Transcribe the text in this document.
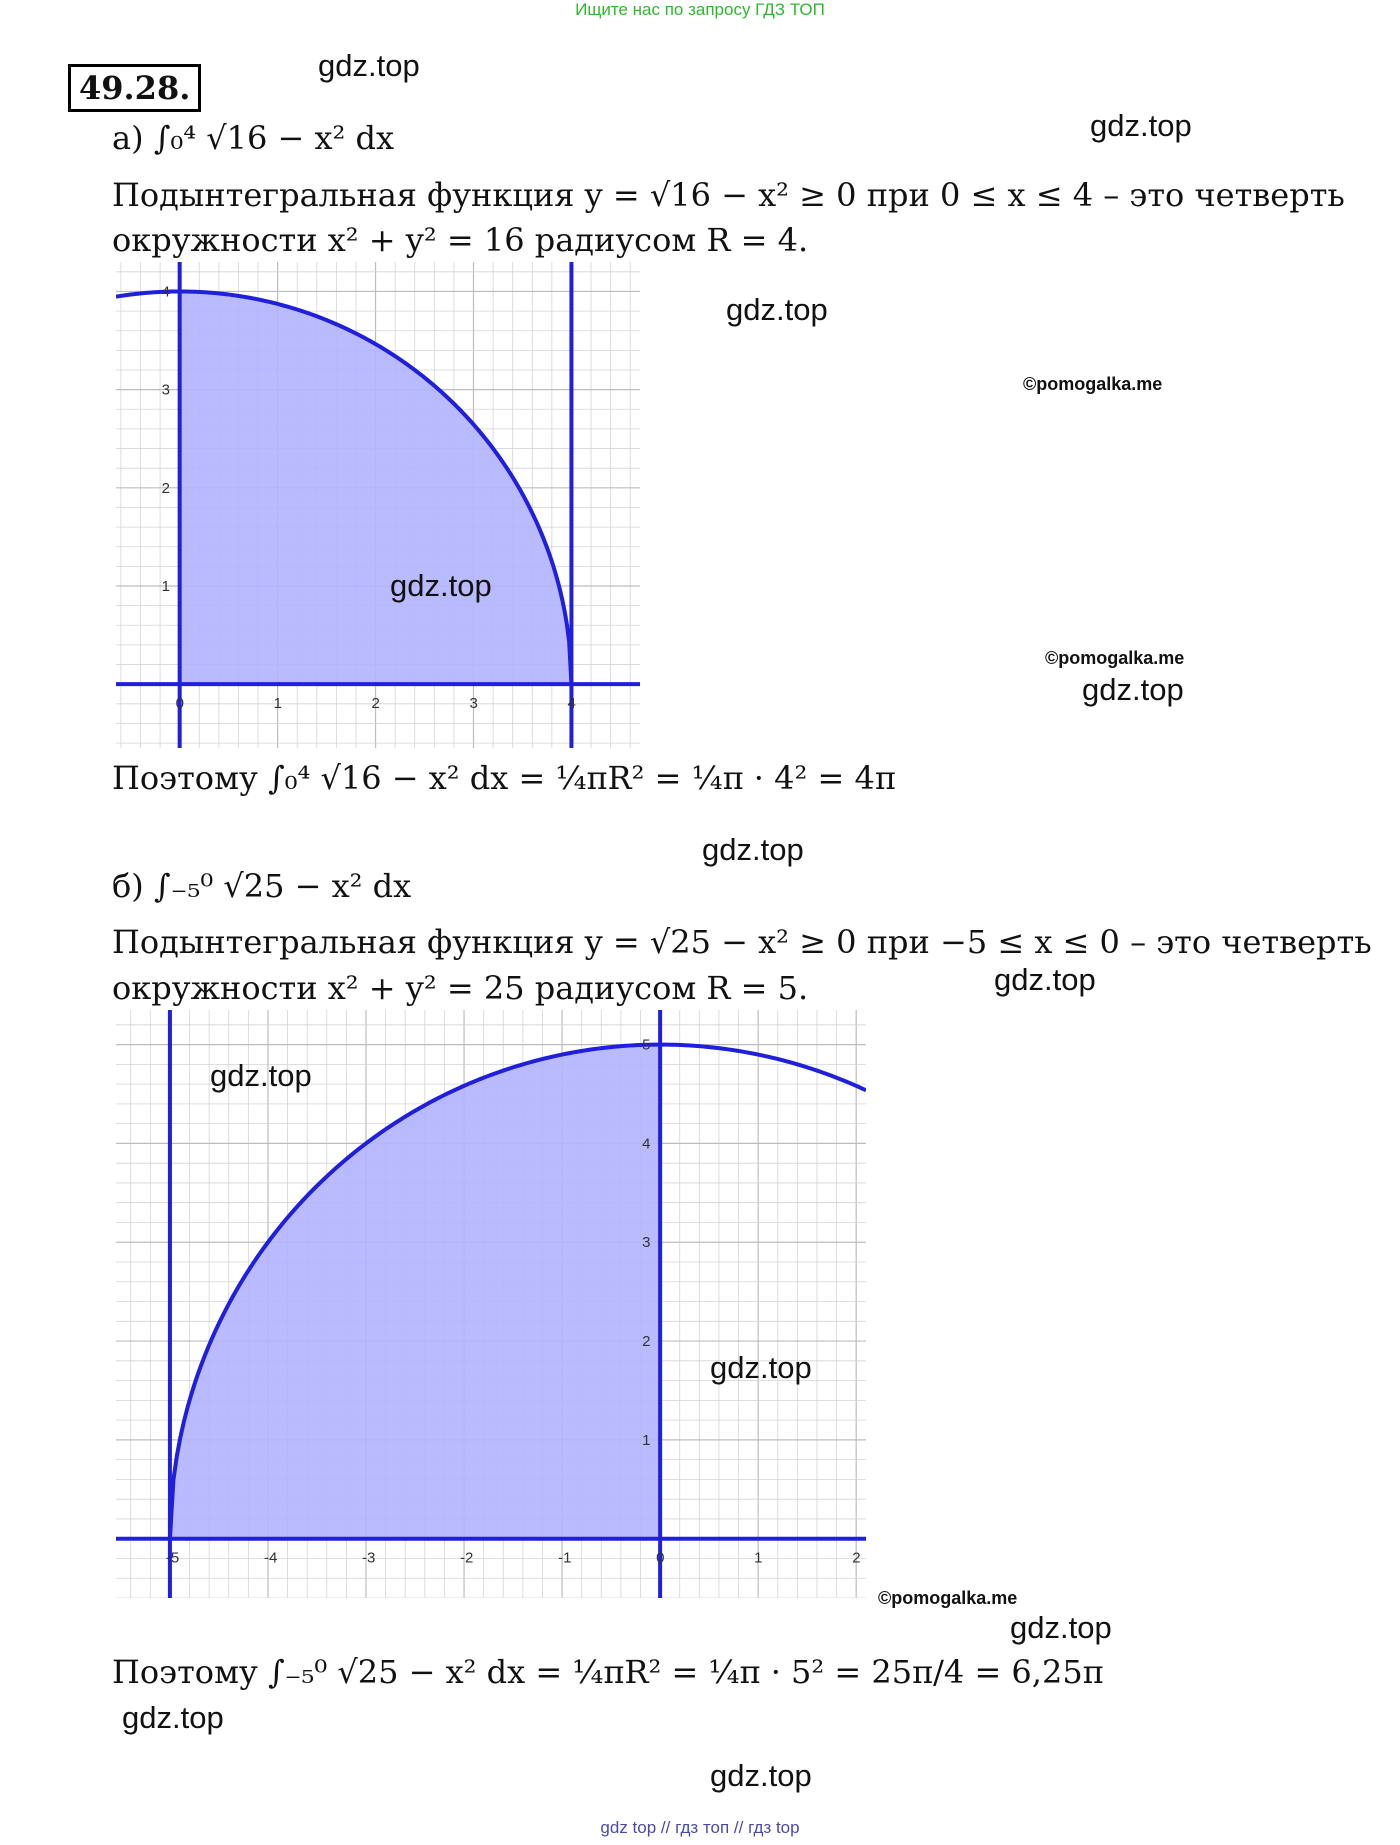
Ищите нас по запросу ГДЗ ТОП
49.28.
а) ∫₀⁴ √16 − x² dx
Подынтегральная функция y = √16 − x² ≥ 0 при 0 ≤ x ≤ 4 – это четверть
окружности x² + y² = 16 радиусом R = 4.
0	1	2	3	4
1
2
3
4
Поэтому ∫₀⁴ √16 − x² dx = ¼πR² = ¼π · 4² = 4π
б) ∫₋₅⁰ √25 − x² dx
Подынтегральная функция y = √25 − x² ≥ 0 при −5 ≤ x ≤ 0 – это четверть
окружности x² + y² = 25 радиусом R = 5.
-5	-4	-3	-2	-1	0	1	2
1
2
3
4
5
Поэтому ∫₋₅⁰ √25 − x² dx = ¼πR² = ¼π · 5² = 25π/4 = 6,25π
gdz.top
gdz.top
gdz.top
©pomogalka.me
gdz.top
©pomogalka.me
gdz.top
gdz.top
gdz.top
gdz.top
gdz.top
©pomogalka.me
gdz.top
gdz.top
gdz.top
gdz top // гдз топ // гдз top
